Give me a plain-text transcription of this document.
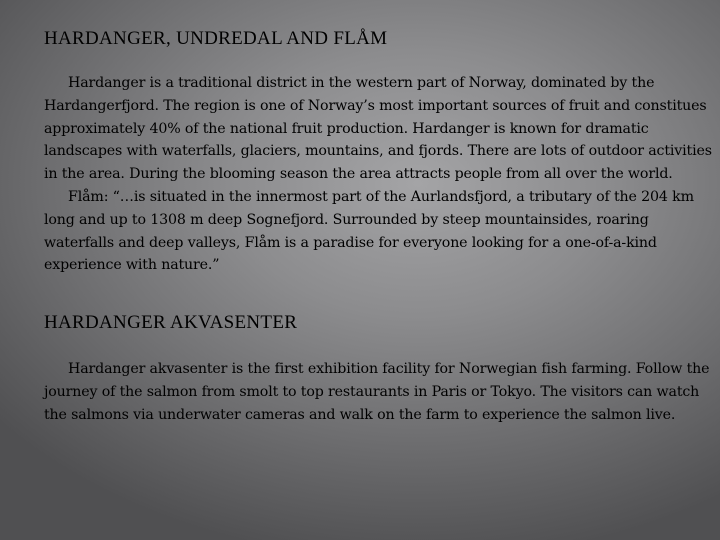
HARDANGER, UNDREDAL AND FLÅM

Hardanger is a traditional district in the western part of Norway, dominated by the Hardangerfjord. The region is one of Norway’s most important sources of fruit and constitues approximately 40% of the national fruit production. Hardanger is known for dramatic landscapes with waterfalls, glaciers, mountains, and fjords. There are lots of outdoor activities in the area. During the blooming season the area attracts people from all over the world.

Flåm: “…is situated in the innermost part of the Aurlandsfjord, a tributary of the 204 km long and up to 1308 m deep Sognefjord. Surrounded by steep mountainsides, roaring waterfalls and deep valleys, Flåm is a paradise for everyone looking for a one-of-a-kind experience with nature.”

HARDANGER AKVASENTER

Hardanger akvasenter is the first exhibition facility for Norwegian fish farming. Follow the journey of the salmon from smolt to top restaurants in Paris or Tokyo. The visitors can watch the salmons via underwater cameras and walk on the farm to experience the salmon live.
